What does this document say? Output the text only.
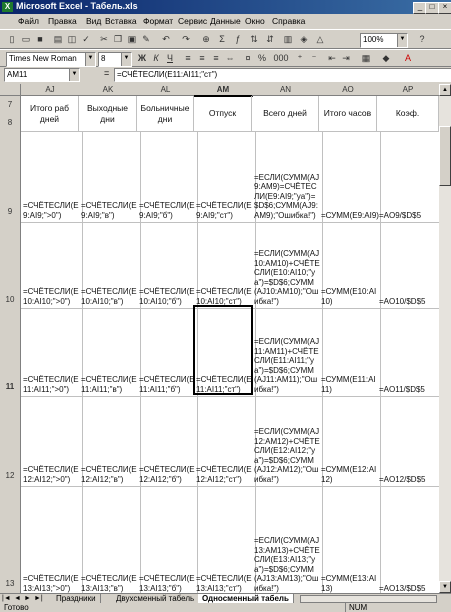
X Microsoft Excel - Табель.xls	_ □	×
Файл Правка Вид Вставка Формат Сервис Данные Окно Справка
▯ ▭ ■	▤ ◫ ✓ ✂ ❐ ▣ ✎ ↶ ↷ ⊕	Σ	ƒ	⇅ ⇵ ▥ ◈ △	100%	▼	?
Times New Roman	▼ 8	▼ Ж К Ч	≡ ≡ ≡ ⇔	¤ % 000	⁺	⁻	⇤ ⇥ ▦ ◆	A
AM11	▼	= =СЧЁТЕСЛИ(E11:AI11;"ст")
AJ	AK	AL	AM	AN	AO	AP
7
8
9
10
11
12
13
Итого раб дней
Выходные дни
Больничные дни
Отпуск	Всего дней	Итого часов	Коэф.
=СЧЁТЕСЛИ(E9:AI9;">0")
=СЧЁТЕСЛИ(E9:AI9;"в")
=СЧЁТЕСЛИ(E9:AI9;"б")
=СЧЁТЕСЛИ(E9:AI9;"ст")
=ЕСЛИ(СУММ(AJ9:AM9)=СЧЁТЕСЛИ(E9:AI9;"ya")=$D$6;СУММ(AJ9:AM9);"Ошибка!") =СУММ(E9:AI9) =AO9/$D$5
=СЧЁТЕСЛИ(E10:AI10;">0")
=СЧЁТЕСЛИ(E10:AI10;"в")
=СЧЁТЕСЛИ(E10:AI10;"б")
=СЧЁТЕСЛИ(E10:AI10;"ст")
=ЕСЛИ(СУММ(AJ10:AM10)+СЧЁТЕСЛИ(E10:AI10;"ya")=$D$6;СУММ(AJ10:AM10);"Ошибка!")
=СУММ(E10:AI10)	=AO10/$D$5
=СЧЁТЕСЛИ(E11:AI11;">0")
=СЧЁТЕСЛИ(E11:AI11;"в")
=СЧЁТЕСЛИ(E11:AI11;"б")
=СЧЁТЕСЛИ(E11:AI11;"ст")
=ЕСЛИ(СУММ(AJ11:AM11)+СЧЁТЕСЛИ(E11:AI11;"ya")=$D$6;СУММ(AJ11:AM11);"Ошибка!")
=СУММ(E11:AI11)	=AO11/$D$5
=СЧЁТЕСЛИ(E12:AI12;">0")
=СЧЁТЕСЛИ(E12:AI12;"в")
=СЧЁТЕСЛИ(E12:AI12;"б")
=СЧЁТЕСЛИ(E12:AI12;"ст")
=ЕСЛИ(СУММ(AJ12:AM12)+СЧЁТЕСЛИ(E12:AI12;"ya")=$D$6;СУММ(AJ12:AM12);"Ошибка!")
=СУММ(E12:AI12)	=AO12/$D$5
=СЧЁТЕСЛИ(E13:AI13;">0")
=СЧЁТЕСЛИ(E13:AI13;"в")
=СЧЁТЕСЛИ(E13:AI13;"б")
=СЧЁТЕСЛИ(E13:AI13;"ст")
=ЕСЛИ(СУММ(AJ13:AM13)+СЧЁТЕСЛИ(E13:AI13;"ya")=$D$6;СУММ(AJ13:AM13);"Ошибка!")
=СУММ(E13:AI13)	=AO13/$D$5
▲
▼
|◄ ◄ ► ►|	Праздники	Двухсменный табель Односменный табель
Готово	NUM
